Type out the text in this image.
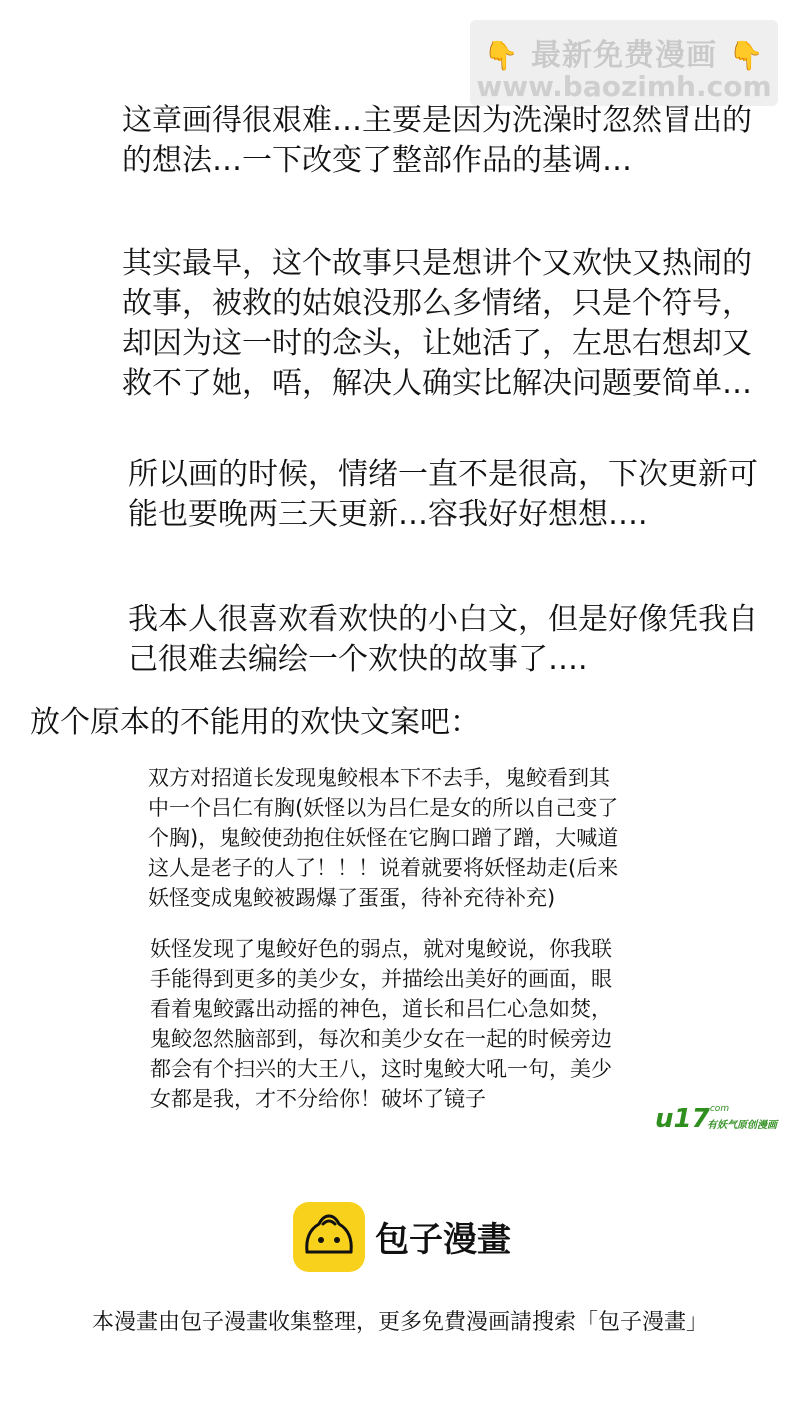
👇 最新免费漫画 👇
www.baozimh.com

这章画得很艰难…主要是因为洗澡时忽然冒出的
的想法…一下改变了整部作品的基调…

其实最早，这个故事只是想讲个又欢快又热闹的
故事，被救的姑娘没那么多情绪，只是个符号，
却因为这一时的念头，让她活了，左思右想却又
救不了她，唔，解决人确实比解决问题要简单…

所以画的时候，情绪一直不是很高，下次更新可
能也要晚两三天更新…容我好好想想….

我本人很喜欢看欢快的小白文，但是好像凭我自
己很难去编绘一个欢快的故事了….

放个原本的不能用的欢快文案吧：

双方对招道长发现鬼鲛根本下不去手，鬼鲛看到其
中一个吕仁有胸(妖怪以为吕仁是女的所以自己变了
个胸)，鬼鲛使劲抱住妖怪在它胸口蹭了蹭，大喊道
这人是老子的人了！！！说着就要将妖怪劫走(后来
妖怪变成鬼鲛被踢爆了蛋蛋，待补充待补充)

妖怪发现了鬼鲛好色的弱点，就对鬼鲛说，你我联
手能得到更多的美少女，并描绘出美好的画面，眼
看着鬼鲛露出动摇的神色，道长和吕仁心急如焚，
鬼鲛忽然脑部到，每次和美少女在一起的时候旁边
都会有个扫兴的大王八，这时鬼鲛大吼一句，美少
女都是我，才不分给你！破坏了镜子

u17
.com
有妖气原创漫画
包子漫畫
本漫畫由包子漫畫收集整理，更多免費漫画請搜索「包子漫畫」
